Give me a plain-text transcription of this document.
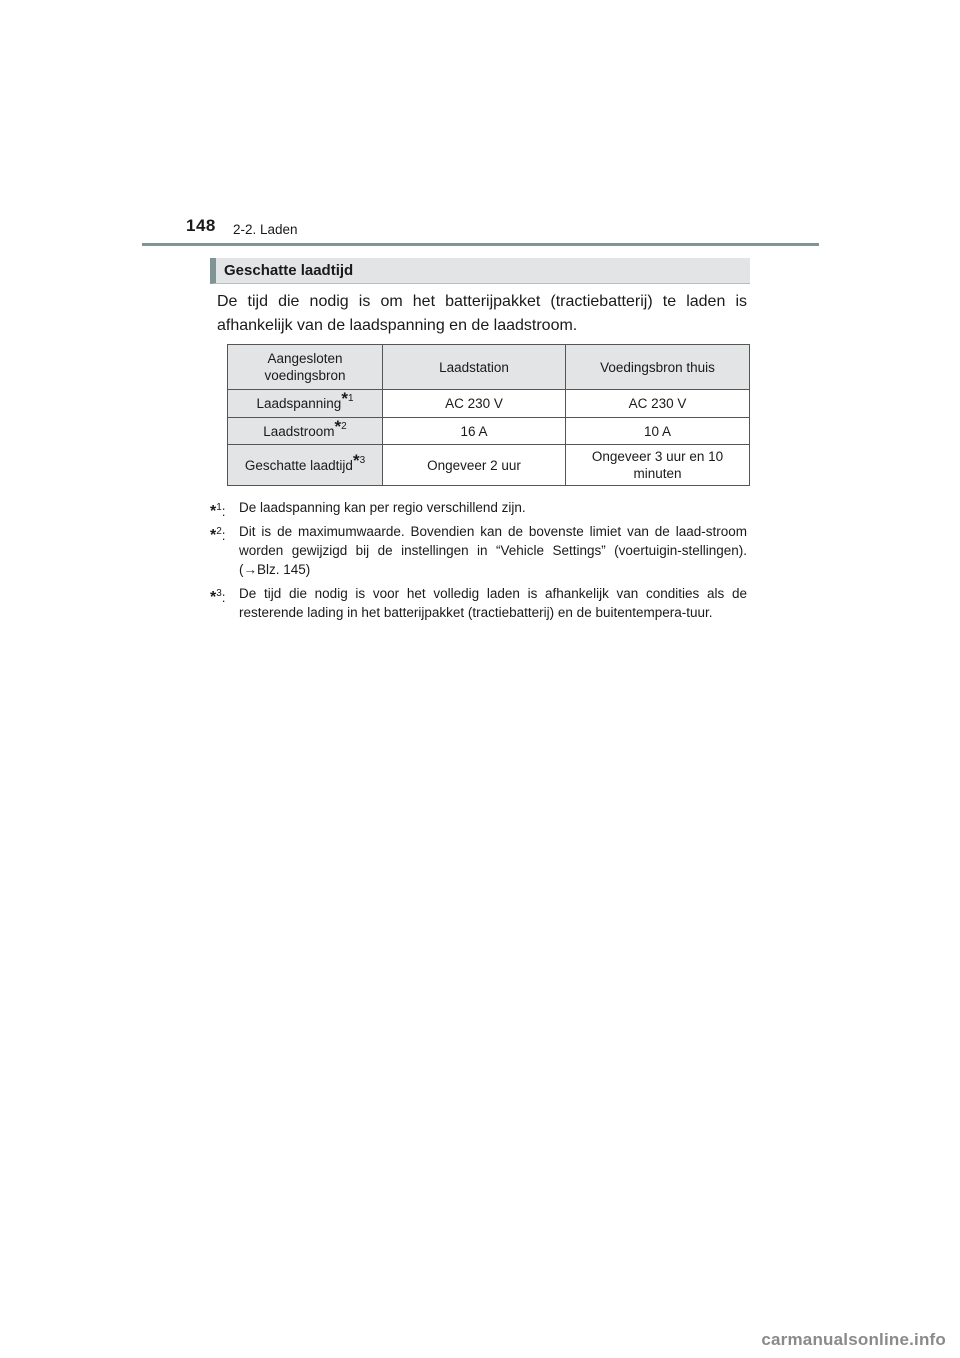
148 2-2. Laden
Geschatte laadtijd
De tijd die nodig is om het batterijpakket (tractiebatterij) te laden is afhankelijk van de laadspanning en de laadstroom.
Aangesloten voedingsbron	Laadstation	Voedingsbron thuis
Laadspanning*$^1$	AC 230 V	AC 230 V
Laadstroom*$^2$	16 A	10 A
Geschatte laadtijd*$^3$	Ongeveer 2 uur	Ongeveer 3 uur en 10 minuten
*$^1$: De laadspanning kan per regio verschillend zijn.
*$^2$: Dit is de maximumwaarde. Bovendien kan de bovenste limiet van de laad-stroom worden gewijzigd bij de instellingen in “Vehicle Settings” (voertuigin-stellingen). (→Blz. 145)
*$^3$: De tijd die nodig is voor het volledig laden is afhankelijk van condities als de resterende lading in het batterijpakket (tractiebatterij) en de buitentempera-tuur.
carmanualsonline.info
